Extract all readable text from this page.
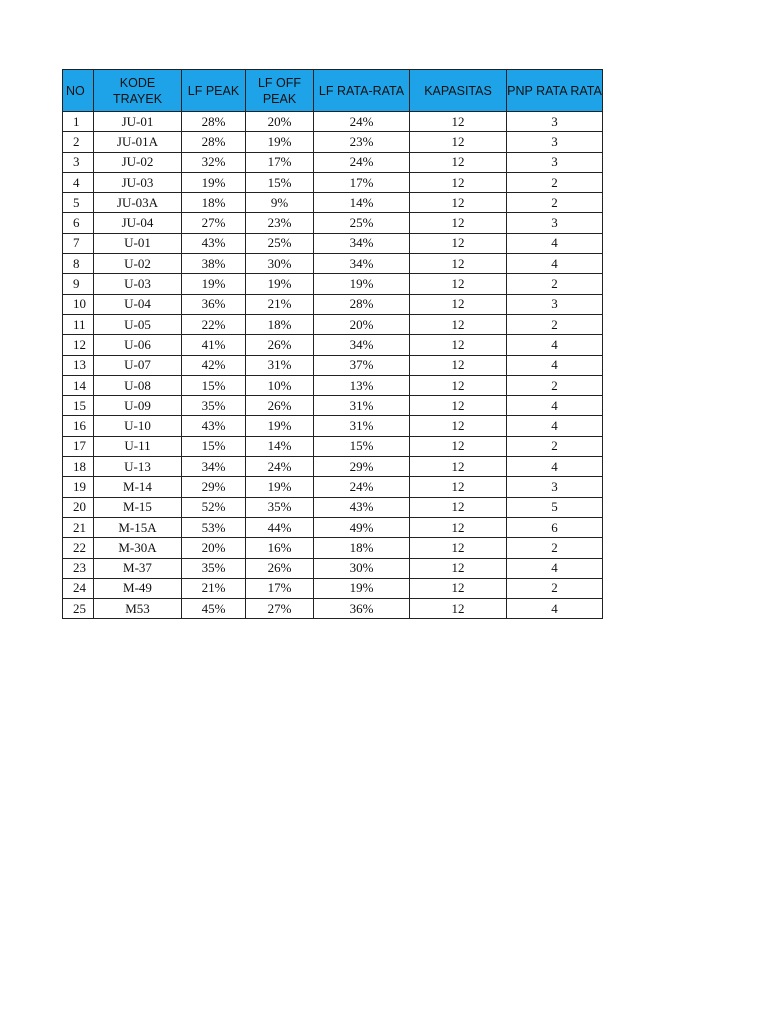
NO	KODE TRAYEK	LF PEAK	LF OFF PEAK	LF RATA-RATA	KAPASITAS	PNP RATA RATA
1	JU-01	28%	20%	24%	12	3
2	JU-01A	28%	19%	23%	12	3
3	JU-02	32%	17%	24%	12	3
4	JU-03	19%	15%	17%	12	2
5	JU-03A	18%	9%	14%	12	2
6	JU-04	27%	23%	25%	12	3
7	U-01	43%	25%	34%	12	4
8	U-02	38%	30%	34%	12	4
9	U-03	19%	19%	19%	12	2
10	U-04	36%	21%	28%	12	3
11	U-05	22%	18%	20%	12	2
12	U-06	41%	26%	34%	12	4
13	U-07	42%	31%	37%	12	4
14	U-08	15%	10%	13%	12	2
15	U-09	35%	26%	31%	12	4
16	U-10	43%	19%	31%	12	4
17	U-11	15%	14%	15%	12	2
18	U-13	34%	24%	29%	12	4
19	M-14	29%	19%	24%	12	3
20	M-15	52%	35%	43%	12	5
21	M-15A	53%	44%	49%	12	6
22	M-30A	20%	16%	18%	12	2
23	M-37	35%	26%	30%	12	4
24	M-49	21%	17%	19%	12	2
25	M53	45%	27%	36%	12	4
